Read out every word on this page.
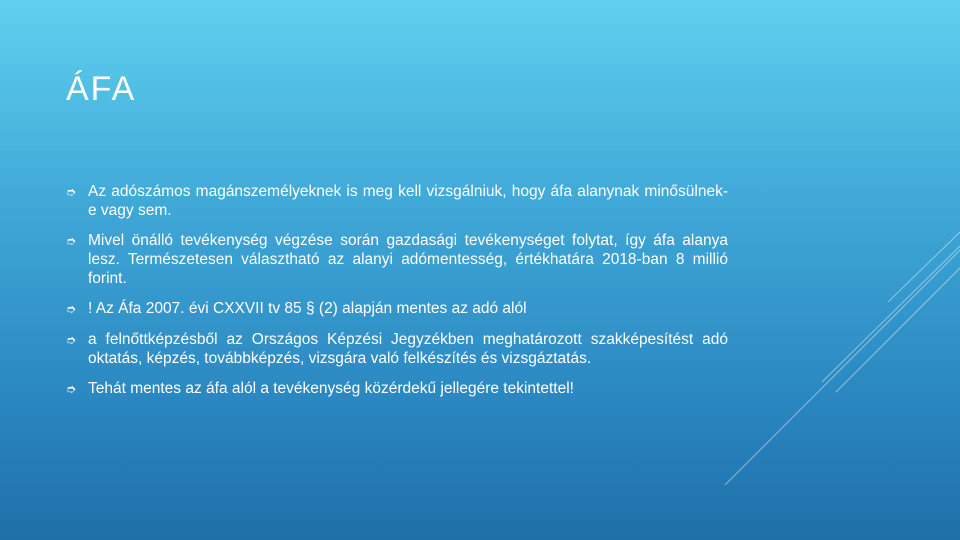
ÁFA
➮ Az adószámos magánszemélyeknek is meg kell vizsgálniuk, hogy áfa alanynak minősülnek-e vagy sem.
➮ Mivel önálló tevékenység végzése során gazdasági tevékenységet folytat, így áfa alanya lesz. Természetesen választható az alanyi adómentesség, értékhatára 2018-ban 8 millió forint.
➮ ! Az Áfa 2007. évi CXXVII tv 85 § (2) alapján mentes az adó alól
➮ a felnőttképzésből az Országos Képzési Jegyzékben meghatározott szakképesítést adó oktatás, képzés, továbbképzés, vizsgára való felkészítés és vizsgáztatás.
➮ Tehát mentes az áfa alól a tevékenység közérdekű jellegére tekintettel!
